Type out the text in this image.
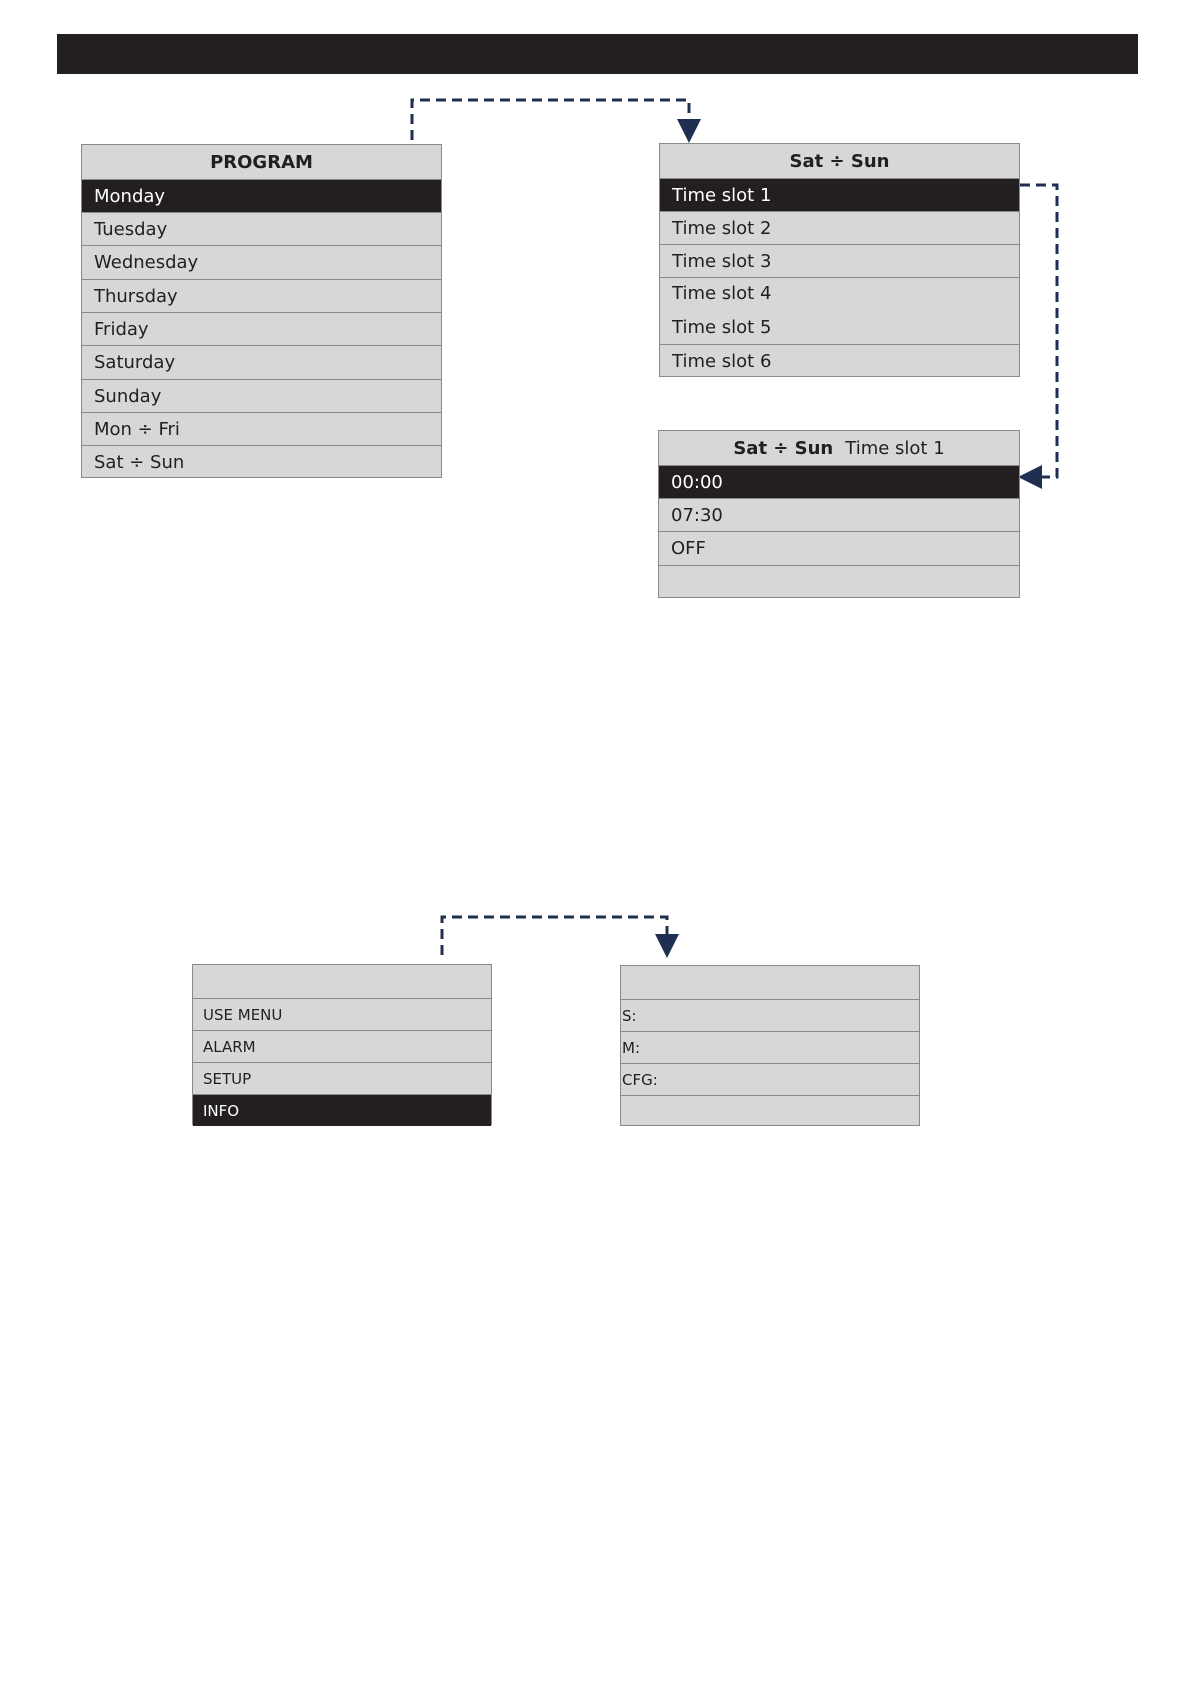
PROGRAM
Monday
Tuesday
Wednesday
Thursday
Friday
Saturday
Sunday
Mon ÷ Fri
Sat ÷ Sun
Sat ÷ Sun
Time slot 1
Time slot 2
Time slot 3
Time slot 4
Time slot 5
Time slot 6
Sat ÷ Sun Time slot 1
00:00
07:30
OFF
USE MENU
ALARM
SETUP
INFO
S:
M:
CFG:
